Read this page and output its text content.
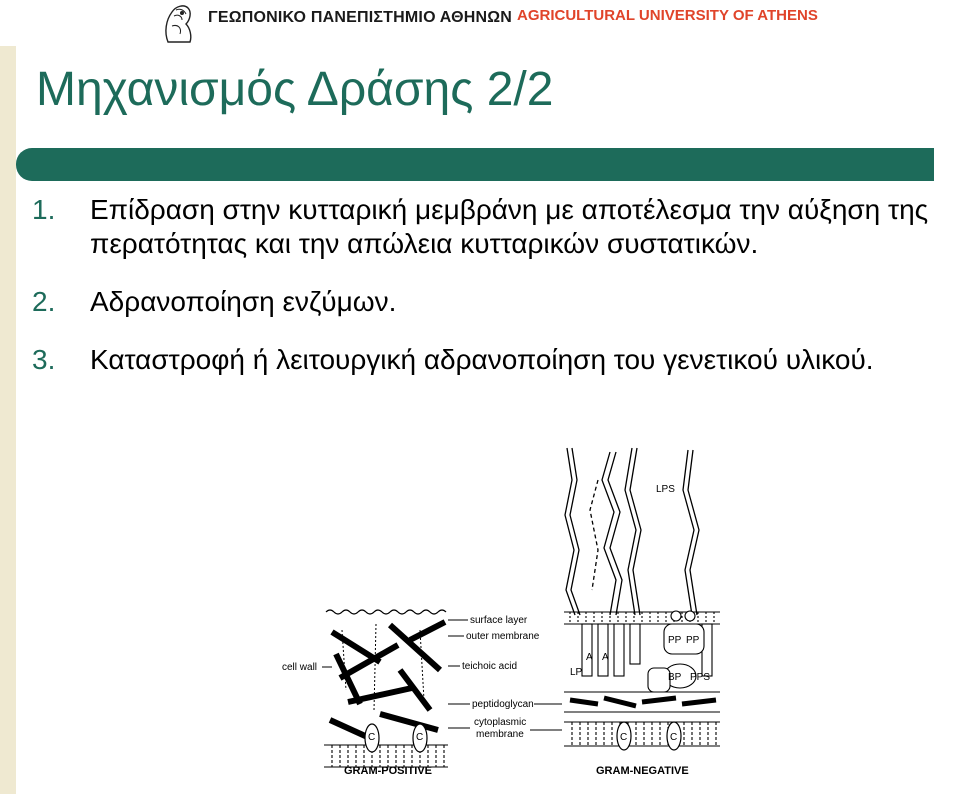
ΓΕΩΠΟΝΙΚΟ ΠΑΝΕΠΙΣΤΗΜΙΟ ΑΘΗΝΩΝ AGRICULTURAL UNIVERSITY OF ATHENS
Μηχανισμός Δράσης 2/2
1. Επίδραση στην κυτταρική μεμβράνη με αποτέλεσμα την αύξηση της περατότητας και την απώλεια κυτταρικών συστατικών.
2. Αδρανοποίηση ενζύμων.
3. Καταστροφή ή λειτουργική αδρανοποίηση του γενετικού υλικού.
LPS
C	C
cell wall
GRAM-POSITIVE
surface layer
outer membrane
teichoic acid
peptidoglycan
cytoplasmic
membrane
PP PP
BP PPS
LP
A A
C	C
GRAM-NEGATIVE
